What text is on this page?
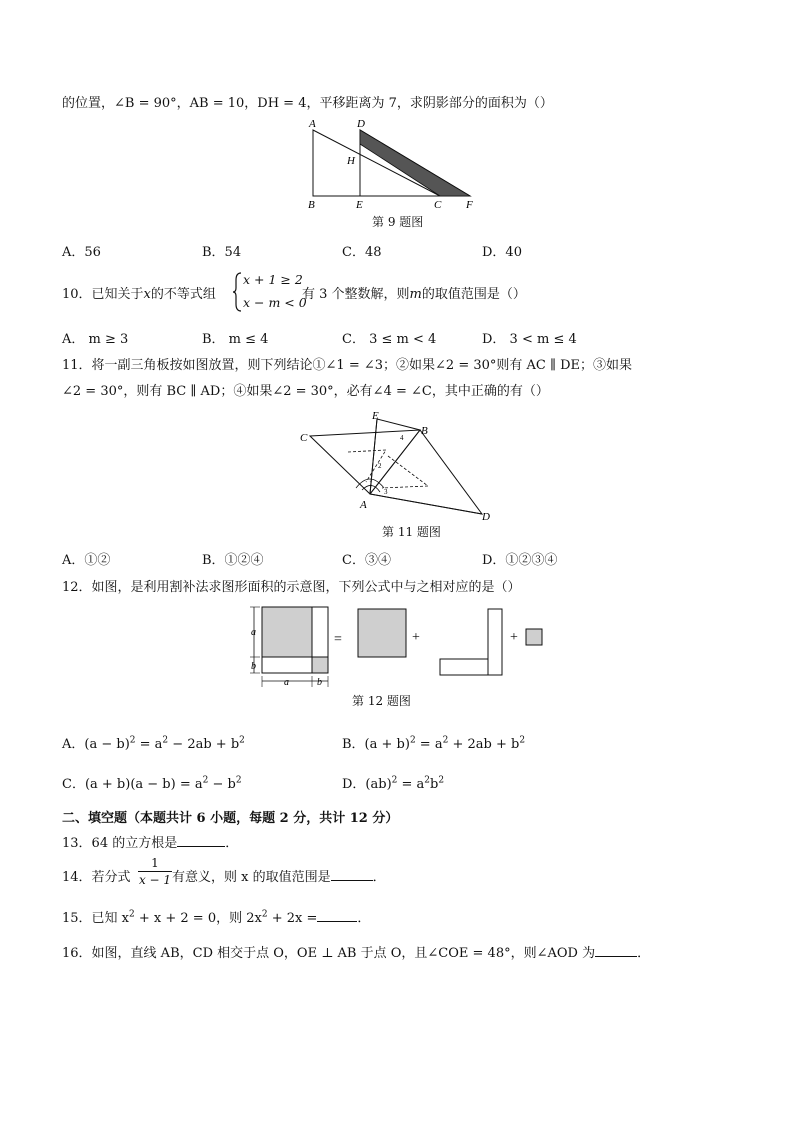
的位置，∠B = 90°，AB = 10，DH = 4，平移距离为 7，求阴影部分的面积为（）
A	D
H
B	E	C F
第 9 题图
A．56	B．54	C．48	D．40
10．已知关于x的不等式组
x + 1 ≥ 2
x − m < 0
有 3 个整数解，则m的取值范围是（）
A． m ≥ 3	B． m ≤ 4	C． 3 ≤ m < 4	D． 3 < m ≤ 4
11．将一副三角板按如图放置，则下列结论①∠1 = ∠3；②如果∠2 = 30°则有 AC ∥ DE；③如果
∠2 = 30°，则有 BC ∥ AD；④如果∠2 = 30°，必有∠4 = ∠C，其中正确的有（）
E
C
B
A
D
1
2
3
4
第 11 题图
A．①②	B．①②④	C．③④	D．①②③④
12．如图，是利用割补法求图形面积的示意图，下列公式中与之相对应的是（）
a
b
a	b
=	+	+
第 12 题图
A．$(a - b)^2 = a^2 - 2ab + b^2$	B．$(a + b)^2 = a^2 + 2ab + b^2$
C．$(a + b)(a - b) = a^2 - b^2$	D．$(ab)^2 = a^2b^2$
二、填空题（本题共计 6 小题，每题 2 分，共计 12 分）
13．64 的立方根是	．
14．若分式
1
x − 1 有意义，则 x 的取值范围是	．
15．已知 $x^2 + x + 2 = 0$，则 $2x^2 + 2x$ =	．
16．如图，直线 AB，CD 相交于点 O，OE ⊥ AB 于点 O，且∠COE = 48°，则∠AOD 为	．
